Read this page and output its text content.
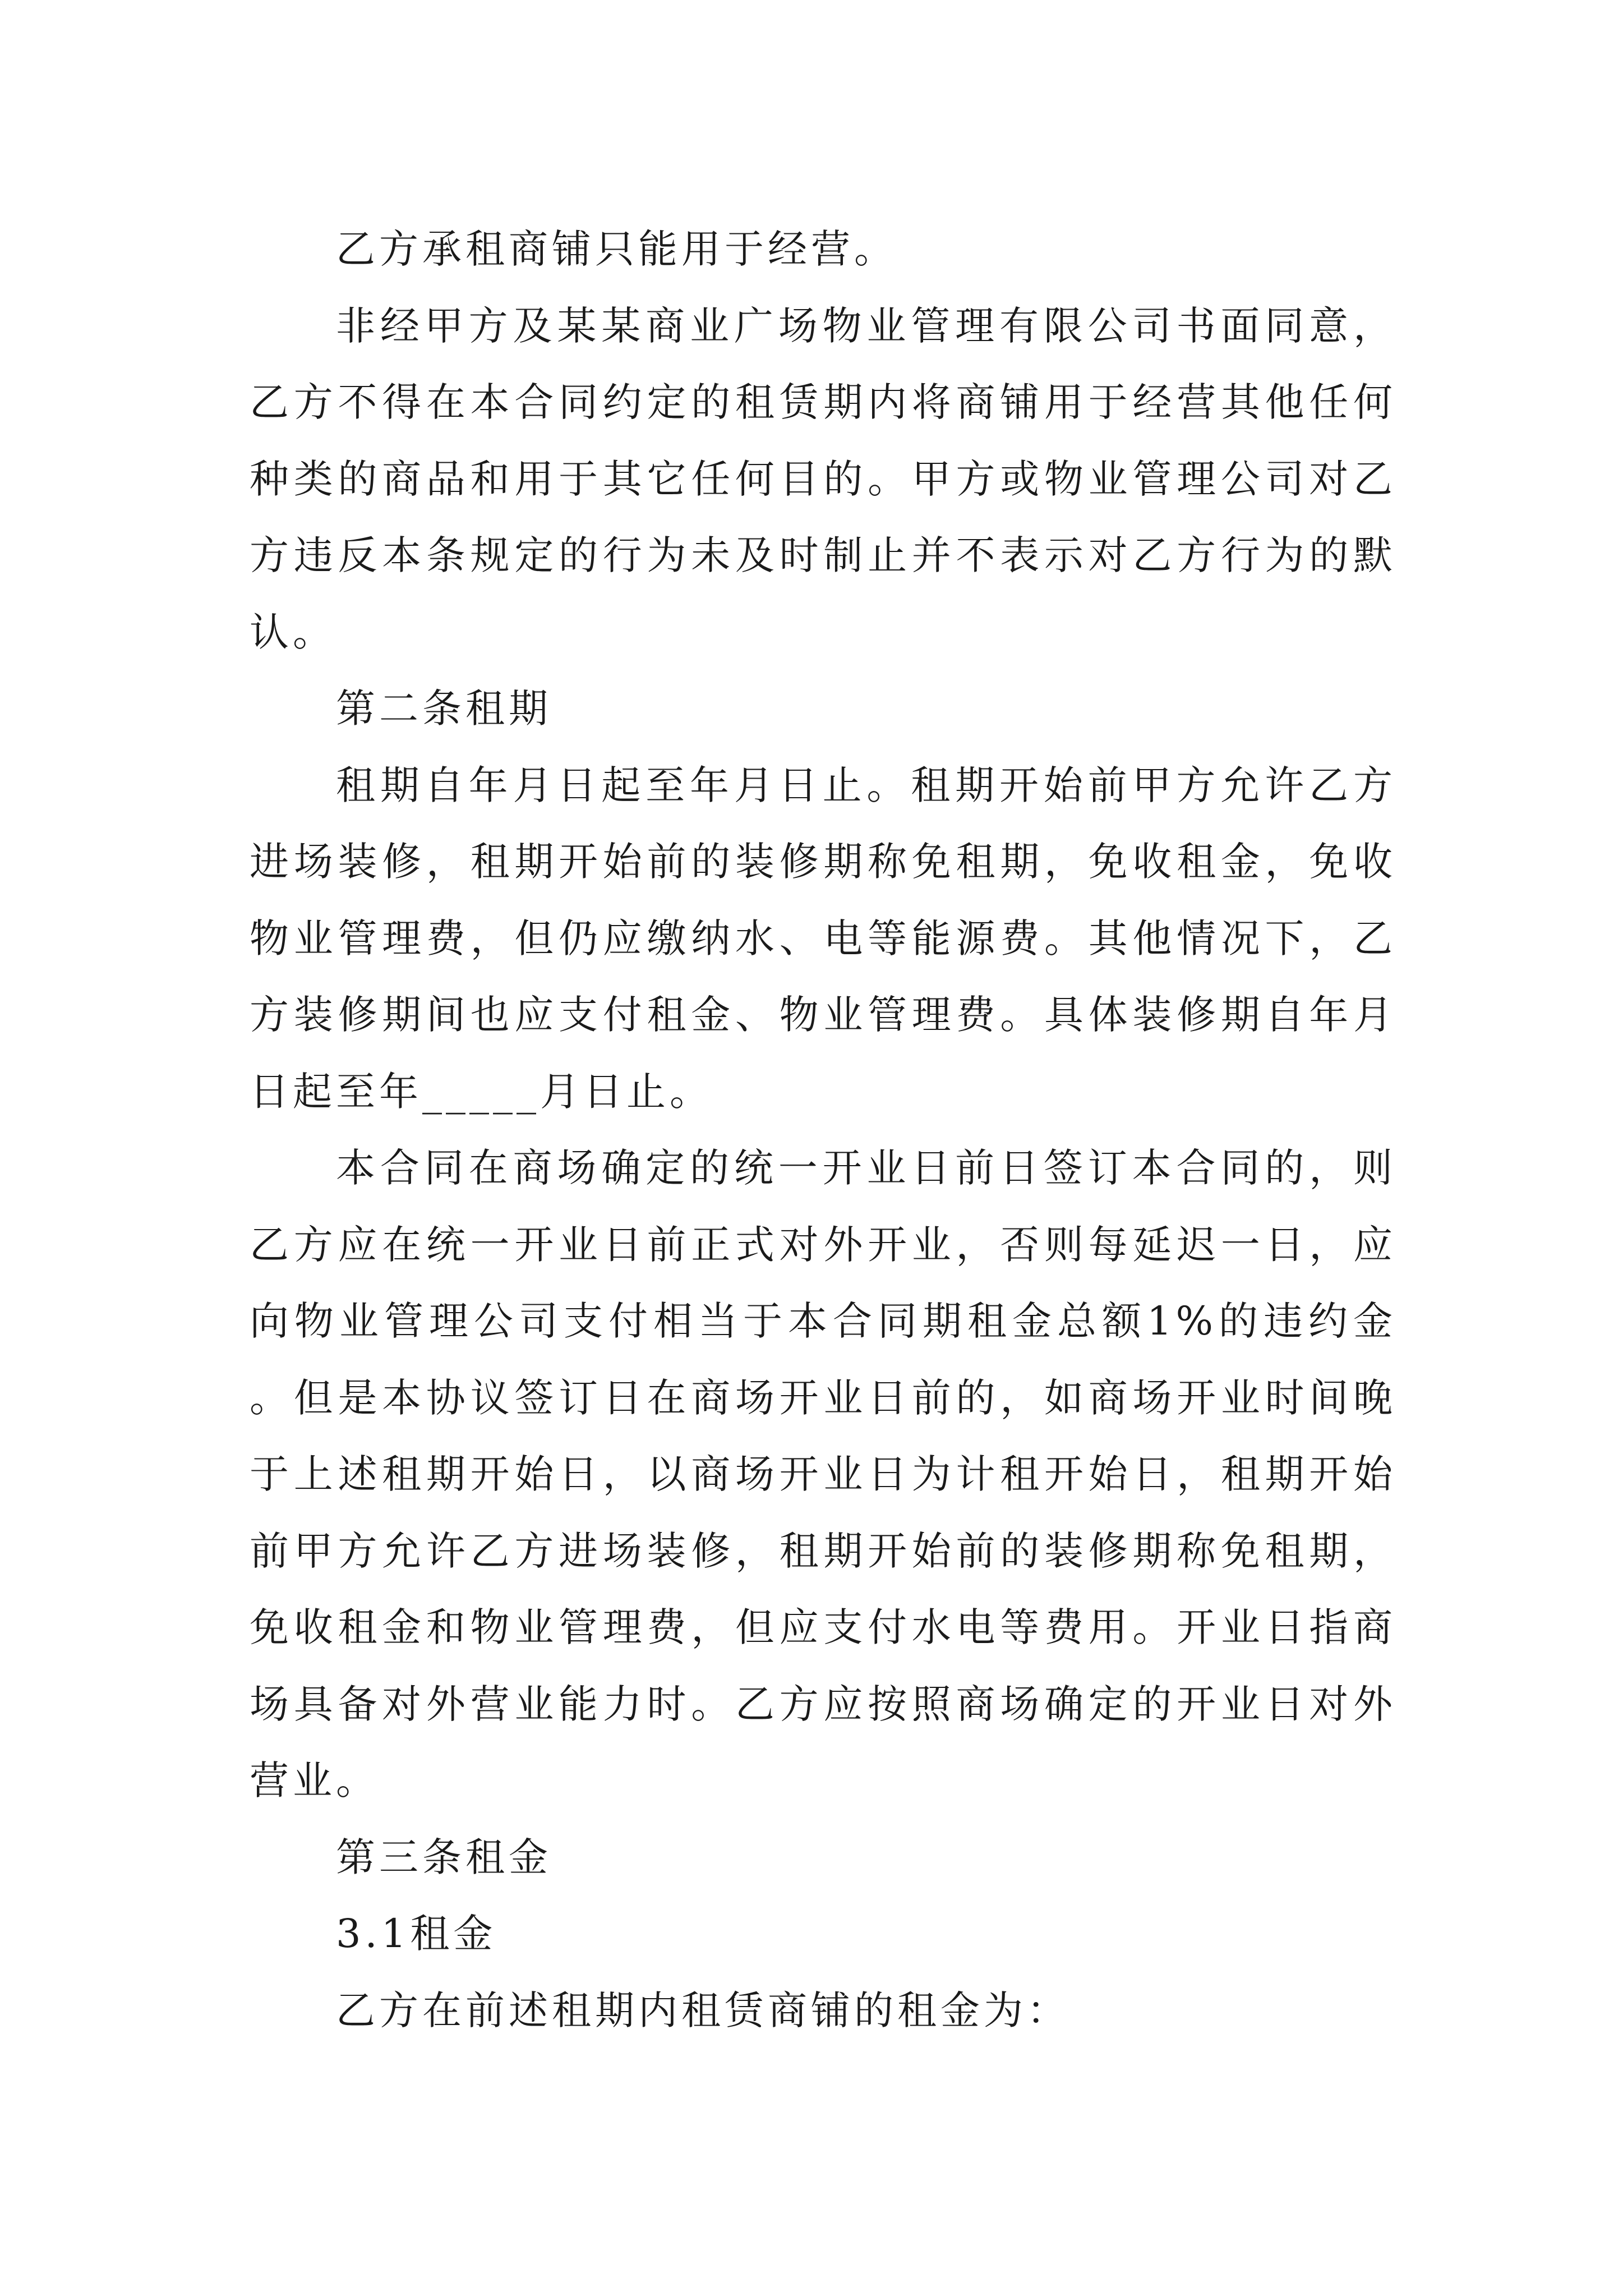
乙方承租商铺只能用于经营。

非经甲方及某某商业广场物业管理有限公司书面同意，乙方不得在本合同约定的租赁期内将商铺用于经营其他任何种类的商品和用于其它任何目的。甲方或物业管理公司对乙方违反本条规定的行为未及时制止并不表示对乙方行为的默认。

第二条租期

租期自年月日起至年月日止。租期开始前甲方允许乙方进场装修，租期开始前的装修期称免租期，免收租金，免收物业管理费，但仍应缴纳水、电等能源费。其他情况下，乙方装修期间也应支付租金、物业管理费。具体装修期自年月日起至年_____月日止。

本合同在商场确定的统一开业日前日签订本合同的，则乙方应在统一开业日前正式对外开业，否则每延迟一日，应向物业管理公司支付相当于本合同期租金总额1%的违约金。但是本协议签订日在商场开业日前的，如商场开业时间晚于上述租期开始日，以商场开业日为计租开始日，租期开始前甲方允许乙方进场装修，租期开始前的装修期称免租期，免收租金和物业管理费，但应支付水电等费用。开业日指商场具备对外营业能力时。乙方应按照商场确定的开业日对外营业。

第三条租金

3.1租金

乙方在前述租期内租赁商铺的租金为：
